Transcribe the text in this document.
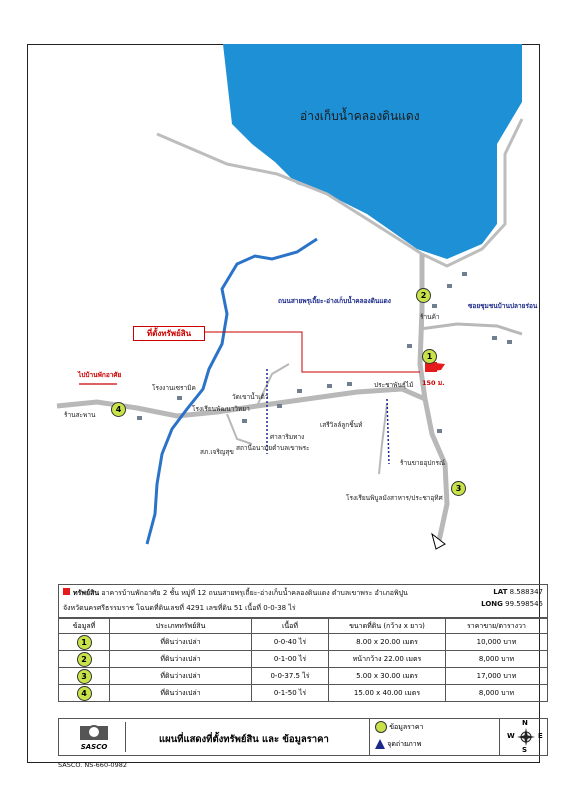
อ่างเก็บน้ำคลองดินแดง
ถนนสายพรุเถี้ยะ-อ่างเก็บน้ำคลองดินแดง
ซอยชุมชนบ้านปลายร่อน
ไปบ้านพักอาศัย
150 ม.
ที่ตั้งทรัพย์สิน
ร้านค้า
ประชาพันธุ์ไม้
โรงเรียนพัฒนาวิทยา
วัดเขาน้ำเต้า
ศาลาริมทาง
สถานีอนามัยตำบลเขาพระ
สภ.เจริญสุข
เสรีวิลล์ลูกชิ้นท์
ร้านสะพาน
โรงงานเซรามิค
ร้านขายอุปกรณ์
โรงเรียนพิบูลมังสาหาร/ประชาอุทิศ
1
2
3
4
ทรัพย์สิน อาคารบ้านพักอาศัย 2 ชั้น หมู่ที่ 12 ถนนสายพรุเถี้ยะ-อ่างเก็บน้ำคลองดินแดง ตำบลเขาพระ อำเภอพิปูน
จังหวัดนครศรีธรรมราช โฉนดที่ดินเลขที่ 4291 เลขที่ดิน 51 เนื้อที่ 0-0-38 ไร่
LAT 8.588347
LONG 99.598545
ข้อมูลที่	ประเภททรัพย์สิน	เนื้อที่	ขนาดที่ดิน (กว้าง x ยาว)	ราคาขาย/ตารางวา
1	ที่ดินว่างเปล่า	0-0-40 ไร่	8.00 x 20.00 เมตร	10,000 บาท
2	ที่ดินว่างเปล่า	0-1-00 ไร่	หน้ากว้าง 22.00 เมตร	8,000 บาท
3	ที่ดินว่างเปล่า	0-0-37.5 ไร่	5.00 x 30.00 เมตร	17,000 บาท
4	ที่ดินว่างเปล่า	0-1-50 ไร่	15.00 x 40.00 เมตร	8,000 บาท
SASCO
แผนที่แสดงที่ตั้งทรัพย์สิน และ ข้อมูลราคา
ข้อมูลราคา
จุดถ่ายภาพ
N
S
W	E
SASCO. NS-660-0982
